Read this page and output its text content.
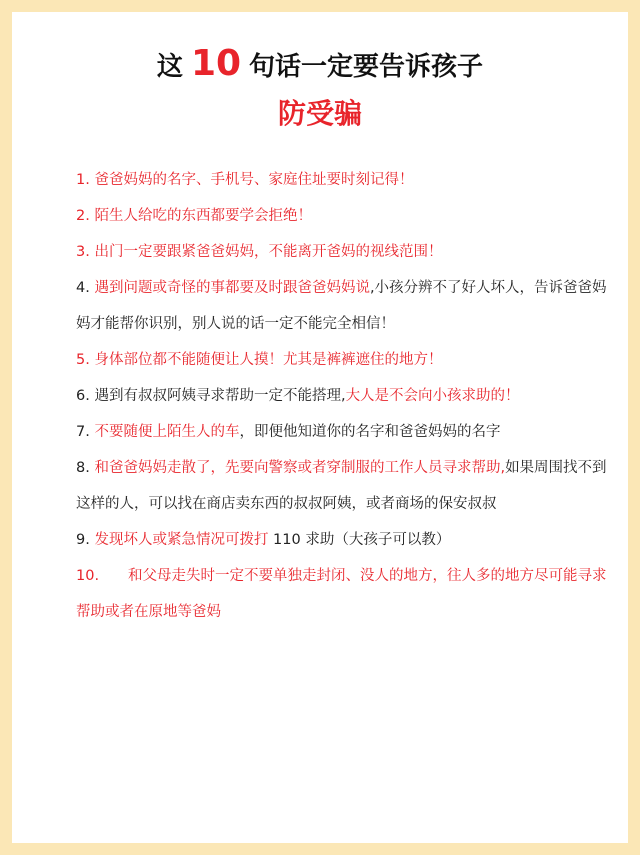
这 10 句话一定要告诉孩子
防受骗
1. 爸爸妈妈的名字、手机号、家庭住址要时刻记得！
2. 陌生人给吃的东西都要学会拒绝！
3. 出门一定要跟紧爸爸妈妈，不能离开爸妈的视线范围！
4. 遇到问题或奇怪的事都要及时跟爸爸妈妈说,小孩分辨不了好人坏人，告诉爸爸妈妈才能帮你识别，别人说的话一定不能完全相信！
5. 身体部位都不能随便让人摸！尤其是裤裤遮住的地方！
6. 遇到有叔叔阿姨寻求帮助一定不能搭理,大人是不会向小孩求助的！
7. 不要随便上陌生人的车，即便他知道你的名字和爸爸妈妈的名字
8. 和爸爸妈妈走散了，先要向警察或者穿制服的工作人员寻求帮助,如果周围找不到这样的人，可以找在商店卖东西的叔叔阿姨，或者商场的保安叔叔
9. 发现坏人或紧急情况可拨打 110 求助（大孩子可以教）
10.　　和父母走失时一定不要单独走封闭、没人的地方，往人多的地方尽可能寻求帮助或者在原地等爸妈
